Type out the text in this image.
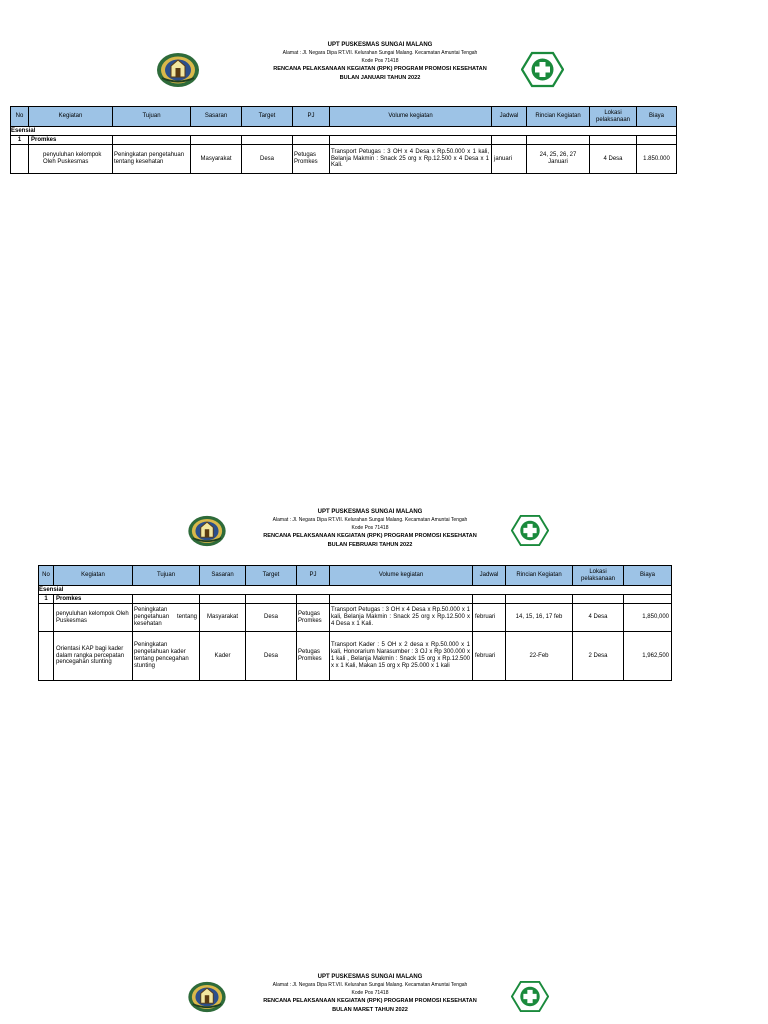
UPT PUSKESMAS SUNGAI MALANG
Alamat : Jl. Negara Dipa RT.VII. Kelurahan Sungai Malang. Kecamatan Amuntai Tengah
Kode Pos 71418
RENCANA PELAKSANAAN KEGIATAN (RPK) PROGRAM PROMOSI KESEHATAN
BULAN JANUARI TAHUN 2022
No	Kegiatan	Tujuan	Sasaran	Target	PJ	Volume kegiatan	Jadwal	Rincian Kegiatan	Lokasi pelaksanaan	Biaya
Esensial										
1	Promkes									
	penyuluhan kelompok Oleh Puskesmas	Peningkatan pengetahuan tentang kesehatan	Masyarakat	Desa	Petugas Promkes	Transport Petugas : 3 OH x 4 Desa x Rp.50.000 x 1 kali, Belanja Makmin : Snack 25 org x Rp.12.500 x 4 Desa x 1 Kali.	januari	24, 25, 26, 27 Januari	4 Desa	1.850.000
UPT PUSKESMAS SUNGAI MALANG
Alamat : Jl. Negara Dipa RT.VII. Kelurahan Sungai Malang. Kecamatan Amuntai Tengah
Kode Pos 71418
RENCANA PELAKSANAAN KEGIATAN (RPK) PROGRAM PROMOSI KESEHATAN
BULAN FEBRUARI TAHUN 2022
No	Kegiatan	Tujuan	Sasaran	Target	PJ	Volume kegiatan	Jadwal	Rincian Kegiatan	Lokasi pelaksanaan	Biaya
Esensial										
1	Promkes									
	penyuluhan kelompok Oleh Puskesmas	Peningkatan pengetahuan tentang kesehatan	Masyarakat	Desa	Petugas Promkes	Transport Petugas : 3 OH x 4 Desa x Rp.50.000 x 1 kali, Belanja Makmin : Snack 25 org x Rp.12.500 x 4 Desa x 1 Kali.	februari	14, 15, 16, 17 feb	4 Desa	1,850,000
	Orientasi KAP bagi kader dalam rangka percepatan pencegahan stunting	Peningkatan pengetahuan kader tentang pencegahan stunting	Kader	Desa	Petugas Promkes	Transport Kader : 5 OH x 2 desa x Rp.50.000 x 1 kali, Honorarium Narasumber : 3 OJ x Rp 300.000 x 1 kali , Belanja Makmin : Snack 15 org x Rp.12.500 x x 1 Kali, Makan 15 org x Rp 25.000 x 1 kali	februari	22-Feb	2 Desa	1,962,500
UPT PUSKESMAS SUNGAI MALANG
Alamat : Jl. Negara Dipa RT.VII. Kelurahan Sungai Malang. Kecamatan Amuntai Tengah
Kode Pos 71418
RENCANA PELAKSANAAN KEGIATAN (RPK) PROGRAM PROMOSI KESEHATAN
BULAN MARET TAHUN 2022
